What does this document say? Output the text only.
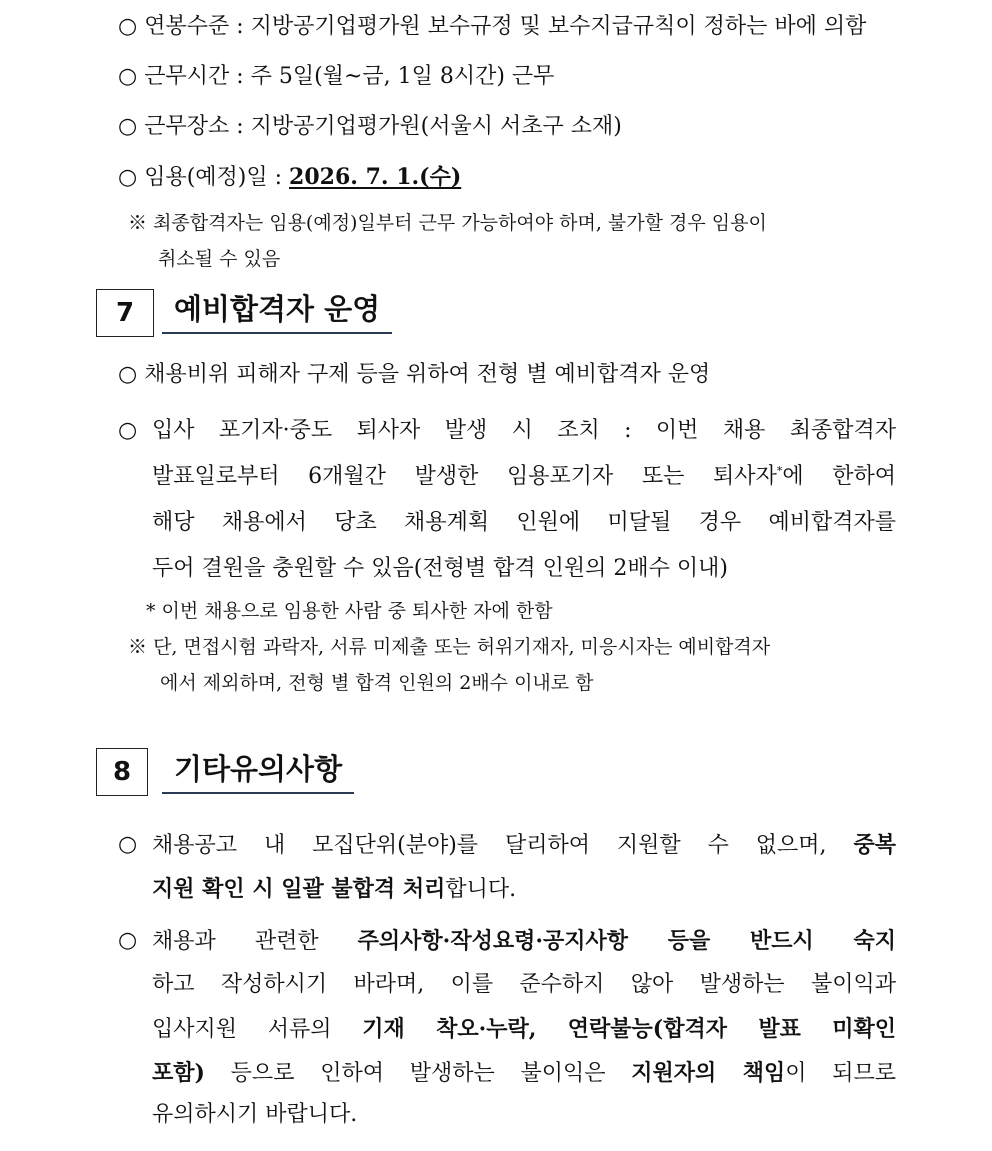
○ 연봉수준 : 지방공기업평가원 보수규정 및 보수지급규칙이 정하는 바에 의함
○ 근무시간 : 주 5일(월~금, 1일 8시간) 근무
○ 근무장소 : 지방공기업평가원(서울시 서초구 소재)
○ 임용(예정)일 : 2026. 7. 1.(수)
※ 최종합격자는 임용(예정)일부터 근무 가능하여야 하며, 불가할 경우 임용이
취소될 수 있음
7	예비합격자 운영
○ 채용비위 피해자 구제 등을 위하여 전형 별 예비합격자 운영
○ 입사 포기자·중도 퇴사자 발생 시 조치 : 이번 채용 최종합격자
발표일로부터 6개월간 발생한 임용포기자 또는 퇴사자*에 한하여
해당 채용에서 당초 채용계획 인원에 미달될 경우 예비합격자를
두어 결원을 충원할 수 있음(전형별 합격 인원의 2배수 이내)
* 이번 채용으로 임용한 사람 중 퇴사한 자에 한함
※ 단, 면접시험 과락자, 서류 미제출 또는 허위기재자, 미응시자는 예비합격자
에서 제외하며, 전형 별 합격 인원의 2배수 이내로 함
8	기타유의사항
○ 채용공고 내 모집단위(분야)를 달리하여 지원할 수 없으며, 중복
지원 확인 시 일괄 불합격 처리합니다.
○ 채용과 관련한 주의사항·작성요령·공지사항 등을 반드시 숙지
하고 작성하시기 바라며, 이를 준수하지 않아 발생하는 불이익과
입사지원 서류의 기재 착오·누락, 연락불능(합격자 발표 미확인
포함) 등으로 인하여 발생하는 불이익은 지원자의 책임이 되므로
유의하시기 바랍니다.
